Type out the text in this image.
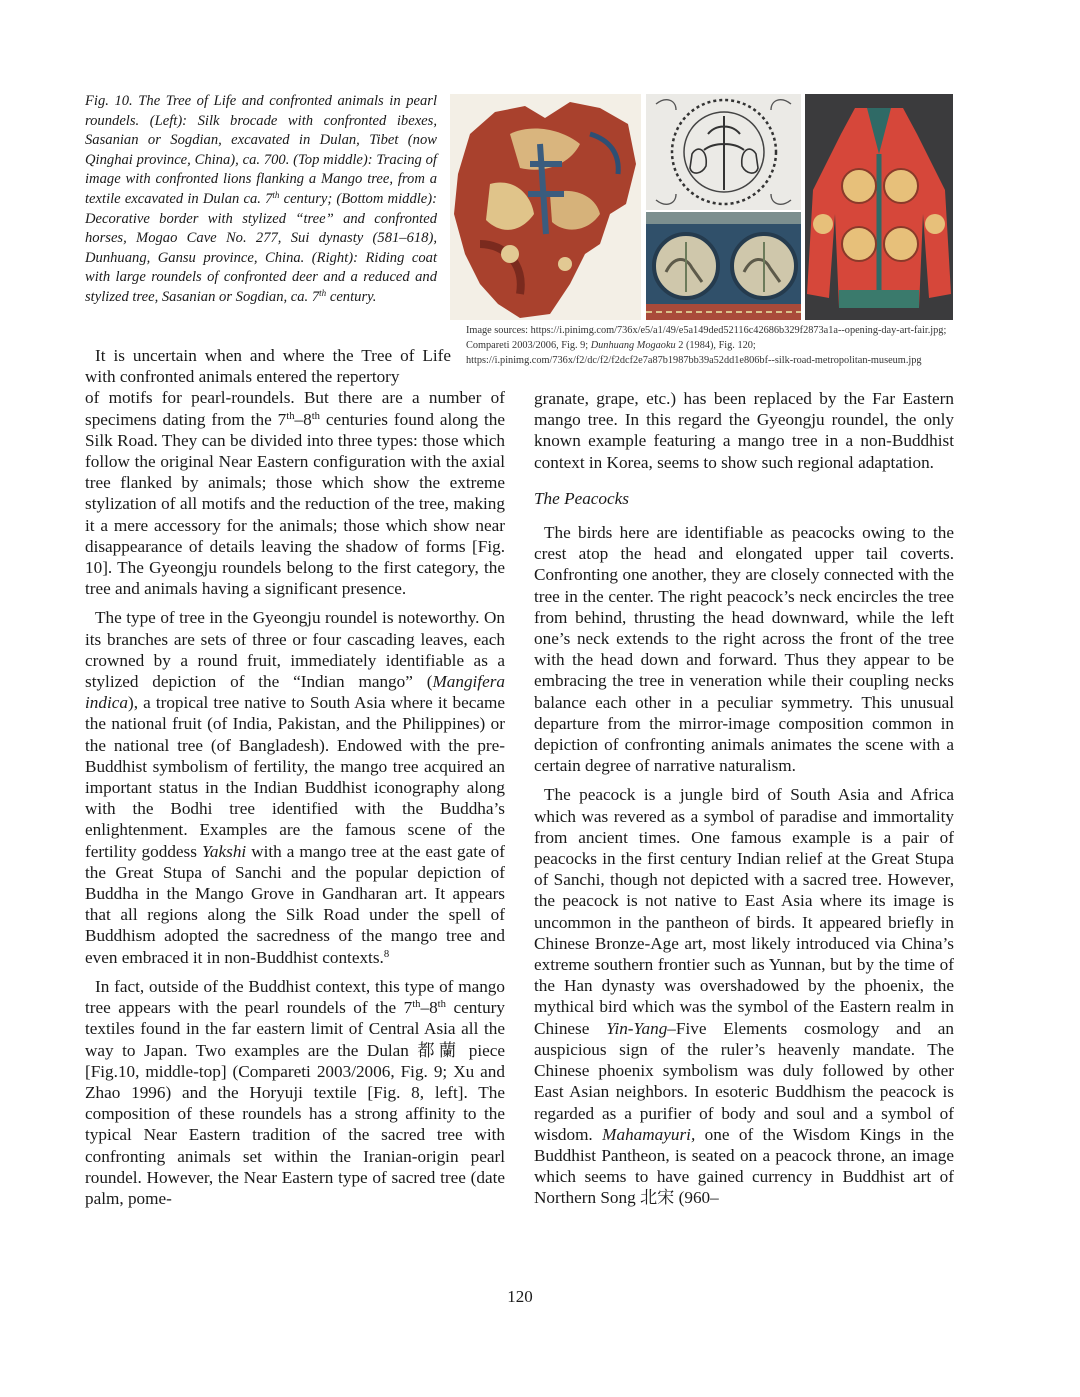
Fig. 10. The Tree of Life and confronted animals in pearl roundels. (Left): Silk brocade with confronted ibexes, Sasanian or Sogdian, excavated in Dulan, Tibet (now Qinghai province, China), ca. 700. (Top middle): Tracing of image with confronted lions flanking a Mango tree, from a textile excavated in Dulan ca. 7th century; (Bottom middle): Decorative border with stylized “tree” and confronted horses, Mogao Cave No. 277, Sui dynasty (581–618), Dunhuang, Gansu province, China. (Right): Riding coat with large roundels of confronted deer and a reduced and stylized tree, Sasanian or Sogdian, ca. 7th century.

Image sources: https://i.pinimg.com/736x/e5/a1/49/e5a149ded52116c42686b329f2873a1a--opening-day-art-fair.jpg; Compareti 2003/2006, Fig. 9; Dunhuang Mogaoku 2 (1984), Fig. 120; https://i.pinimg.com/736x/f2/dc/f2/f2dcf2e7a87b1987bb39a52dd1e806bf--silk-road-metropolitan-museum.jpg

It is uncertain when and where the Tree of Life with confronted animals entered the repertory

of motifs for pearl-roundels. But there are a number of specimens dating from the 7th–8th centuries found along the Silk Road. They can be divided into three types: those which follow the original Near Eastern configuration with the axial tree flanked by animals; those which show the extreme stylization of all motifs and the reduction of the tree, making it a mere accessory for the animals; those which show near disappearance of details leaving the shadow of forms [Fig. 10]. The Gyeongju roundels belong to the first category, the tree and animals having a significant presence.

The type of tree in the Gyeongju roundel is noteworthy. On its branches are sets of three or four cascading leaves, each crowned by a round fruit, immediately identifiable as a stylized depiction of the “Indian mango” (Mangifera indica), a tropical tree native to South Asia where it became the national fruit (of India, Pakistan, and the Philippines) or the national tree (of Bangladesh). Endowed with the pre-Buddhist symbolism of fertility, the mango tree acquired an important status in the Indian Buddhist iconography along with the Bodhi tree identified with the Buddha’s enlightenment. Examples are the famous scene of the fertility goddess Yakshi with a mango tree at the east gate of the Great Stupa of Sanchi and the popular depiction of Buddha in the Mango Grove in Gandharan art. It appears that all regions along the Silk Road under the spell of Buddhism adopted the sacredness of the mango tree and even embraced it in non-Buddhist contexts.$^8$

In fact, outside of the Buddhist context, this type of mango tree appears with the pearl roundels of the 7th–8th century textiles found in the far eastern limit of Central Asia all the way to Japan. Two examples are the Dulan 都蘭 piece [Fig.10, middle-top] (Compareti 2003/2006, Fig. 9; Xu and Zhao 1996) and the Horyuji textile [Fig. 8, left]. The composition of these roundels has a strong affinity to the typical Near Eastern tradition of the sacred tree with confronting animals set within the Iranian-origin pearl roundel. However, the Near Eastern type of sacred tree (date palm, pome-

granate, grape, etc.) has been replaced by the Far Eastern mango tree. In this regard the Gyeongju roundel, the only known example featuring a mango tree in a non-Buddhist context in Korea, seems to show such regional adaptation.

The Peacocks

The birds here are identifiable as peacocks owing to the crest atop the head and elongated upper tail coverts. Confronting one another, they are closely connected with the tree in the center. The right peacock’s neck encircles the tree from behind, thrusting the head downward, while the left one’s neck extends to the right across the front of the tree with the head down and forward. Thus they appear to be embracing the tree in veneration while their coupling necks balance each other in a peculiar symmetry. This unusual departure from the mirror-image composition common in depiction of confronting animals animates the scene with a certain degree of narrative naturalism.

The peacock is a jungle bird of South Asia and Africa which was revered as a symbol of paradise and immortality from ancient times. One famous example is a pair of peacocks in the first century Indian relief at the Great Stupa of Sanchi, though not depicted with a sacred tree. However, the peacock is not native to East Asia where its image is uncommon in the pantheon of birds. It appeared briefly in Chinese Bronze-Age art, most likely introduced via China’s extreme southern frontier such as Yunnan, but by the time of the Han dynasty was overshadowed by the phoenix, the mythical bird which was the symbol of the Eastern realm in Chinese Yin-Yang–Five Elements cosmology and an auspicious sign of the ruler’s heavenly mandate. The Chinese phoenix symbolism was duly followed by other East Asian neighbors. In esoteric Buddhism the peacock is regarded as a purifier of body and soul and a symbol of wisdom. Mahamayuri, one of the Wisdom Kings in the Buddhist Pantheon, is seated on a peacock throne, an image which seems to have gained currency in Buddhist art of Northern Song 北宋 (960–

120
